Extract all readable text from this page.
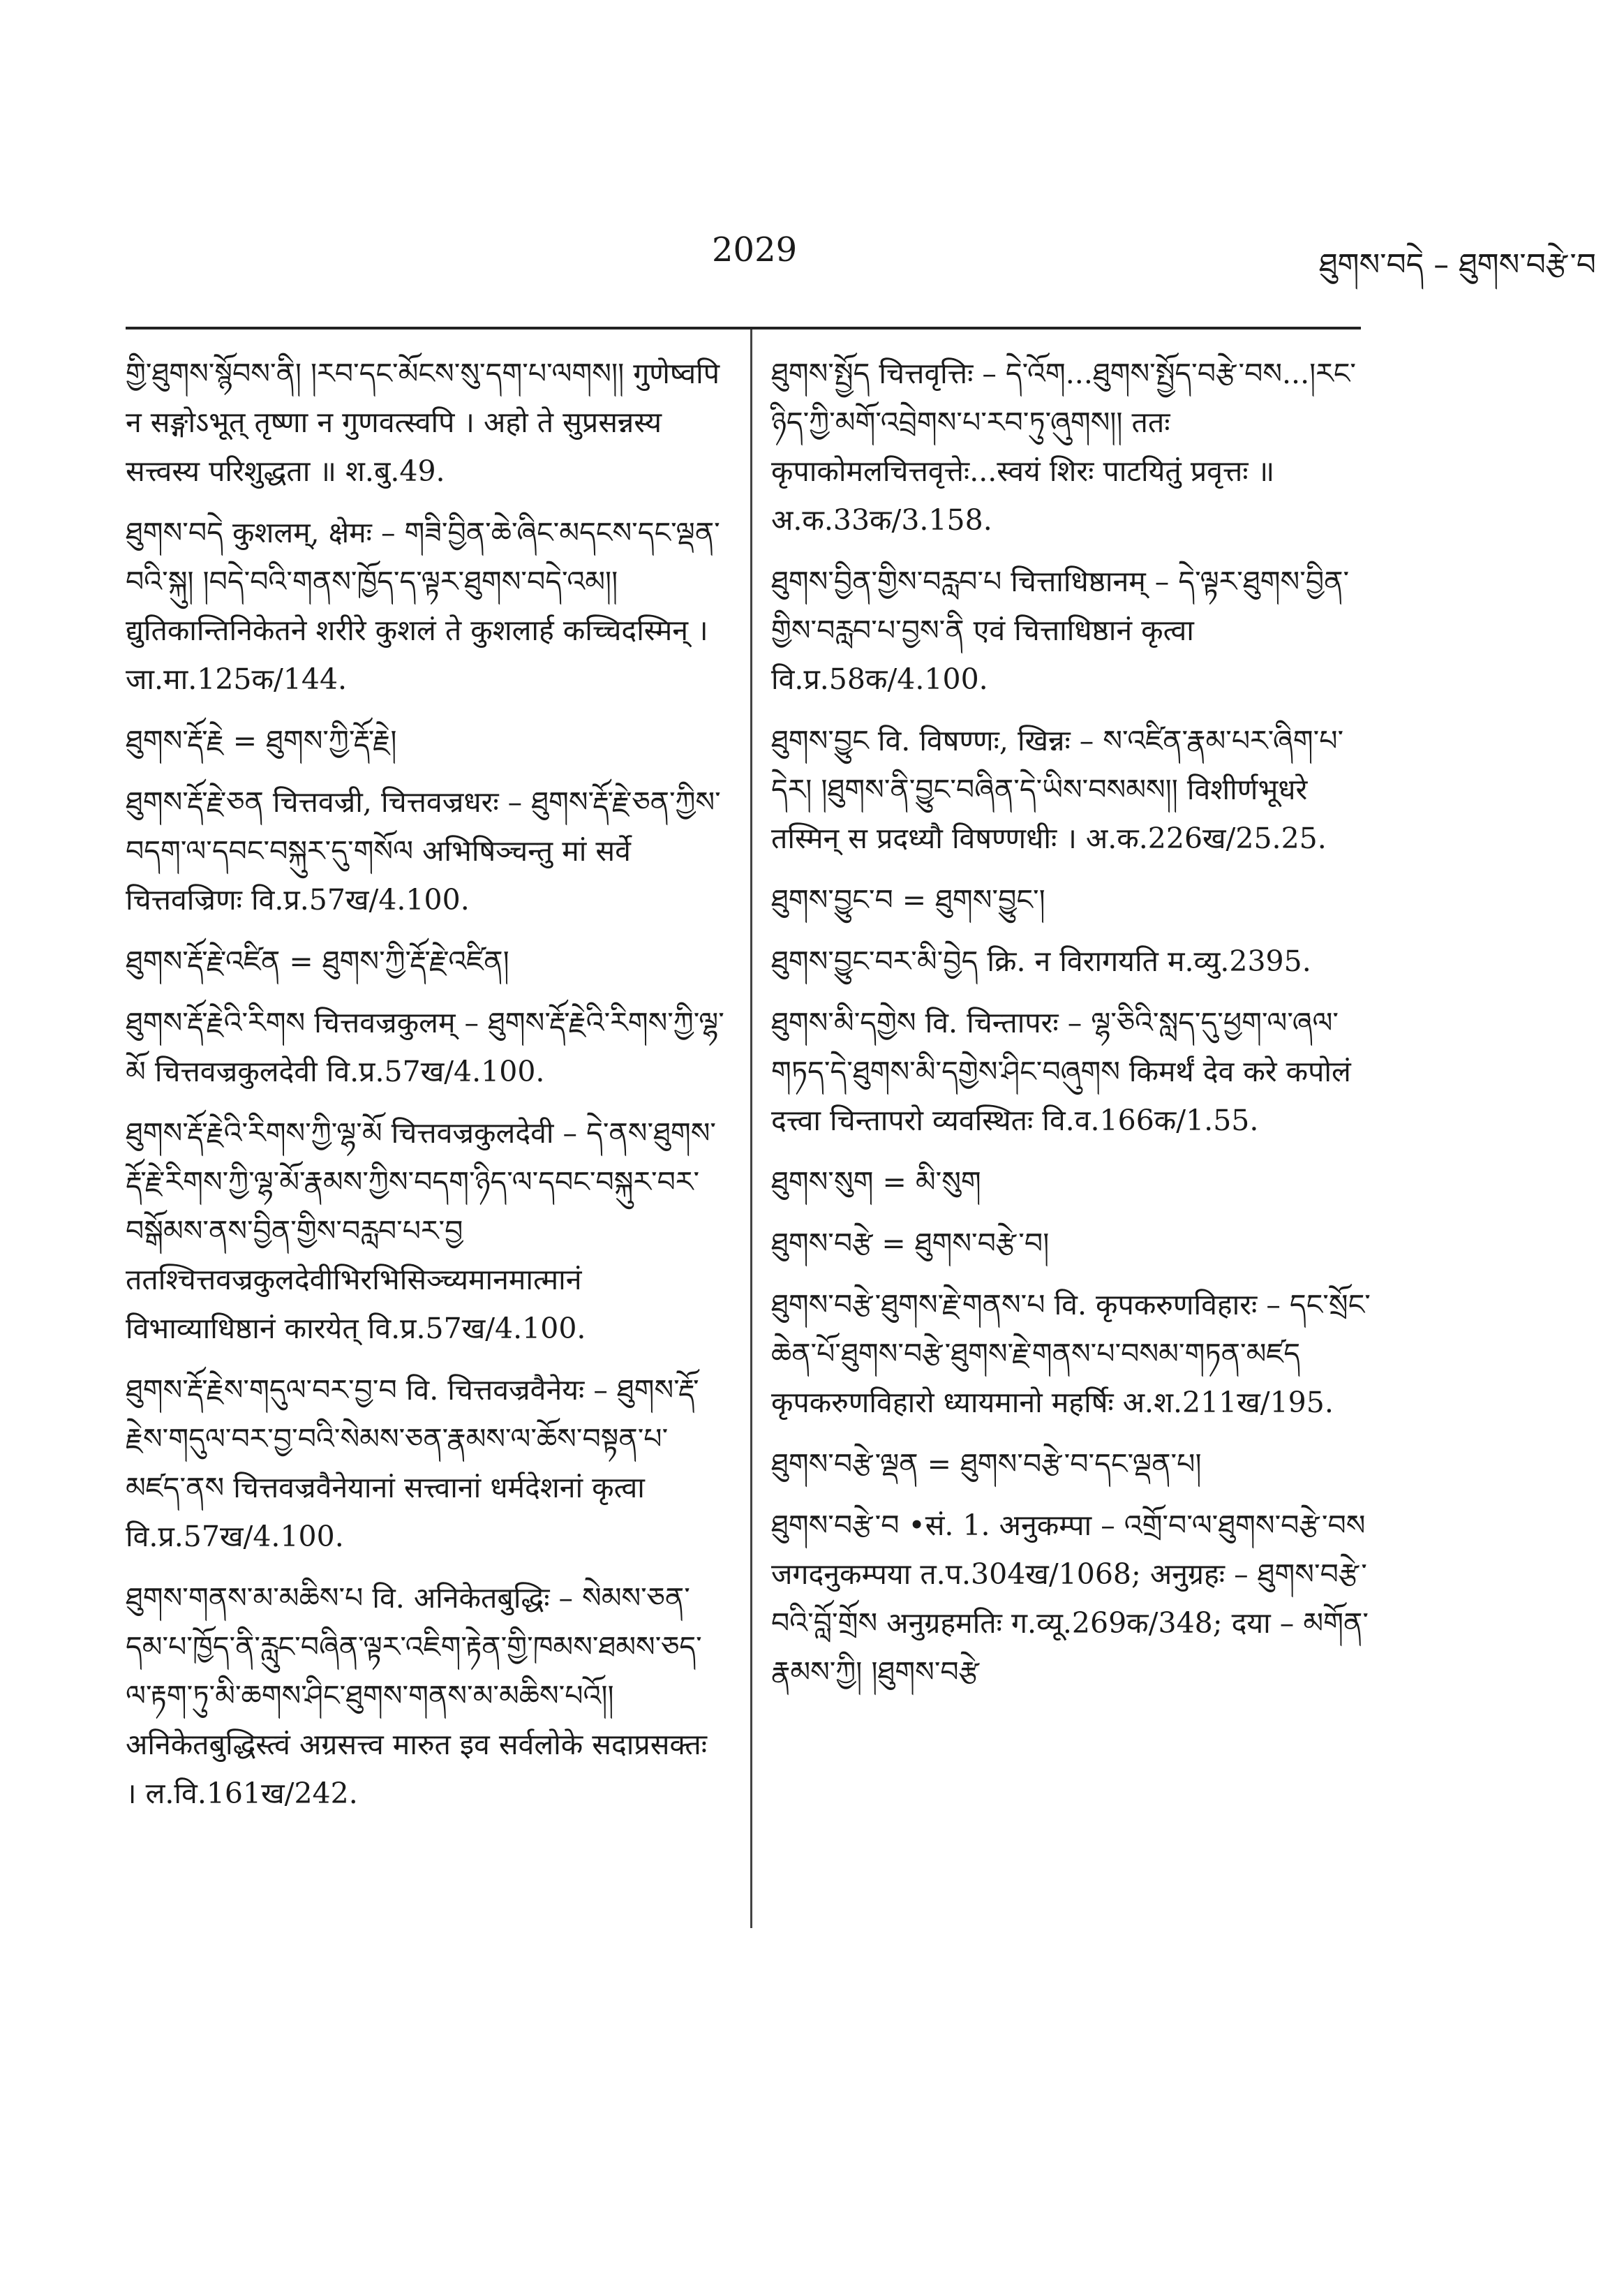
2029	ཐུགས་བདེ – ཐུགས་བརྩེ་བ
གྱི་ཐུགས་སྙོབས་ནི། །རབ་དང་མོངས་སུ་དག་པ་ལགས།། गुणेष्वपि न सङ्गोऽभूत् तृष्णा न गुणवत्स्वपि । अहो ते सुप्रसन्नस्य सत्त्वस्य परिशुद्धता ॥ श.बु.49.
ཐུགས་བདེ कुशलम्, क्षेमः – གཟི་བྱིན་ཆེ་ཞིང་མདངས་དང་ལྡན་བའི་སྐུ། །བདེ་བའི་གནས་ཁྱོད་ད་ལྟར་ཐུགས་བདེ་འམ།། द्युतिकान्तिनिकेतने शरीरे कुशलं ते कुशलार्ह कच्चिदस्मिन् । जा.मा.125क/144.
ཐུགས་རྡོ་རྗེ = ཐུགས་ཀྱི་རྡོ་རྗེ།
ཐུགས་རྡོ་རྗེ་ཅན चित्तवज्री, चित्तवज्रधरः – ཐུགས་རྡོ་རྗེ་ཅན་ཀྱིས་བདག་ལ་དབང་བསྐུར་དུ་གསོལ अभिषिञ्चन्तु मां सर्वे चित्तवज्रिणः वि.प्र.57ख/4.100.
ཐུགས་རྡོ་རྗེ་འཛིན = ཐུགས་ཀྱི་རྡོ་རྗེ་འཛིན།
ཐུགས་རྡོ་རྗེའི་རིགས चित्तवज्रकुलम् – ཐུགས་རྡོ་རྗེའི་རིགས་ཀྱི་ལྷ་མོ चित्तवज्रकुलदेवी वि.प्र.57ख/4.100.
ཐུགས་རྡོ་རྗེའི་རིགས་ཀྱི་ལྷ་མོ चित्तवज्रकुलदेवी – དེ་ནས་ཐུགས་རྡོ་རྗེ་རིགས་ཀྱི་ལྷ་མོ་རྣམས་ཀྱིས་བདག་ཉིད་ལ་དབང་བསྐུར་བར་བསྒོམས་ནས་བྱིན་གྱིས་བརླབ་པར་བྱ ततश्चित्तवज्रकुलदेवीभिरभिसिञ्च्यमानमात्मानं विभाव्याधिष्ठानं कारयेत् वि.प्र.57ख/4.100.
ཐུགས་རྡོ་རྗེས་གདུལ་བར་བྱ་བ वि. चित्तवज्रवैनेयः – ཐུགས་རྡོ་རྗེས་གདུལ་བར་བྱ་བའི་སེམས་ཅན་རྣམས་ལ་ཆོས་བསྟན་པ་མཛད་ནས चित्तवज्रवैनेयानां सत्त्वानां धर्मदेशनां कृत्वा वि.प्र.57ख/4.100.
ཐུགས་གནས་མ་མཆིས་པ वि. अनिकेतबुद्धिः – སེམས་ཅན་དམ་པ་ཁྱོད་ནི་རླུང་བཞིན་ལྟར་འཇིག་རྟེན་གྱི་ཁམས་ཐམས་ཅད་ལ་རྟག་ཏུ་མི་ཆགས་ཤིང་ཐུགས་གནས་མ་མཆིས་པའོ།། अनिकेतबुद्धिस्त्वं अग्रसत्त्व मारुत इव सर्वलोके सदाप्रसक्तः । ल.वि.161ख/242.
ཐུགས་སྤྱོད चित्तवृत्तिः – དེ་འོག...ཐུགས་སྤྱོད་བརྩེ་བས...།རང་ཉིད་ཀྱི་མགོ་འབྲེགས་པ་རབ་ཏུ་ཞུགས།། ततः कृपाकोमलचित्तवृत्तेः...स्वयं शिरः पाटयितुं प्रवृत्तः ॥ अ.क.33क/3.158.
ཐུགས་བྱིན་གྱིས་བརླབ་པ चित्ताधिष्ठानम् – དེ་ལྟར་ཐུགས་བྱིན་གྱིས་བརླབ་པ་བྱས་ནི एवं चित्ताधिष्ठानं कृत्वा वि.प्र.58क/4.100.
ཐུགས་བྱུང वि. विषण्णः, खिन्नः – ས་འཛིན་རྣམ་པར་ཞིག་པ་དེར། །ཐུགས་ནི་བྱུང་བཞིན་དེ་ཡིས་བསམས།། विशीर्णभूधरे तस्मिन् स प्रदध्यौ विषण्णधीः । अ.क.226ख/25.25.
ཐུགས་བྱུང་བ = ཐུགས་བྱུང་།
ཐུགས་བྱུང་བར་མི་བྱེད क्रि. न विरागयति म.व्यु.2395.
ཐུགས་མི་དགྱེས वि. चिन्तापरः – ལྷ་ཅིའི་སླད་དུ་ཕྱག་ལ་ཞལ་གཏད་དེ་ཐུགས་མི་དགྱེས་ཤིང་བཞུགས किमर्थं देव करे कपोलं दत्त्वा चिन्तापरो व्यवस्थितः वि.व.166क/1.55.
ཐུགས་སུག = མི་སུག
ཐུགས་བརྩེ = ཐུགས་བརྩེ་བ།
ཐུགས་བརྩེ་ཐུགས་རྗེ་གནས་པ वि. कृपकरुणविहारः – དང་སྲོང་ཆེན་པོ་ཐུགས་བརྩེ་ཐུགས་རྗེ་གནས་པ་བསམ་གཏན་མཛད कृपकरुणविहारो ध्यायमानो महर्षिः अ.श.211ख/195.
ཐུགས་བརྩེ་ལྡན = ཐུགས་བརྩེ་བ་དང་ལྡན་པ།
ཐུགས་བརྩེ་བ •सं. 1. अनुकम्पा – འགྲོ་བ་ལ་ཐུགས་བརྩེ་བས जगदनुकम्पया त.प.304ख/1068; अनुग्रहः – ཐུགས་བརྩེ་བའི་བློ་གྲོས अनुग्रहमतिः ग.व्यू.269क/348; दया – མགོན་རྣམས་ཀྱི། །ཐུགས་བརྩེ
